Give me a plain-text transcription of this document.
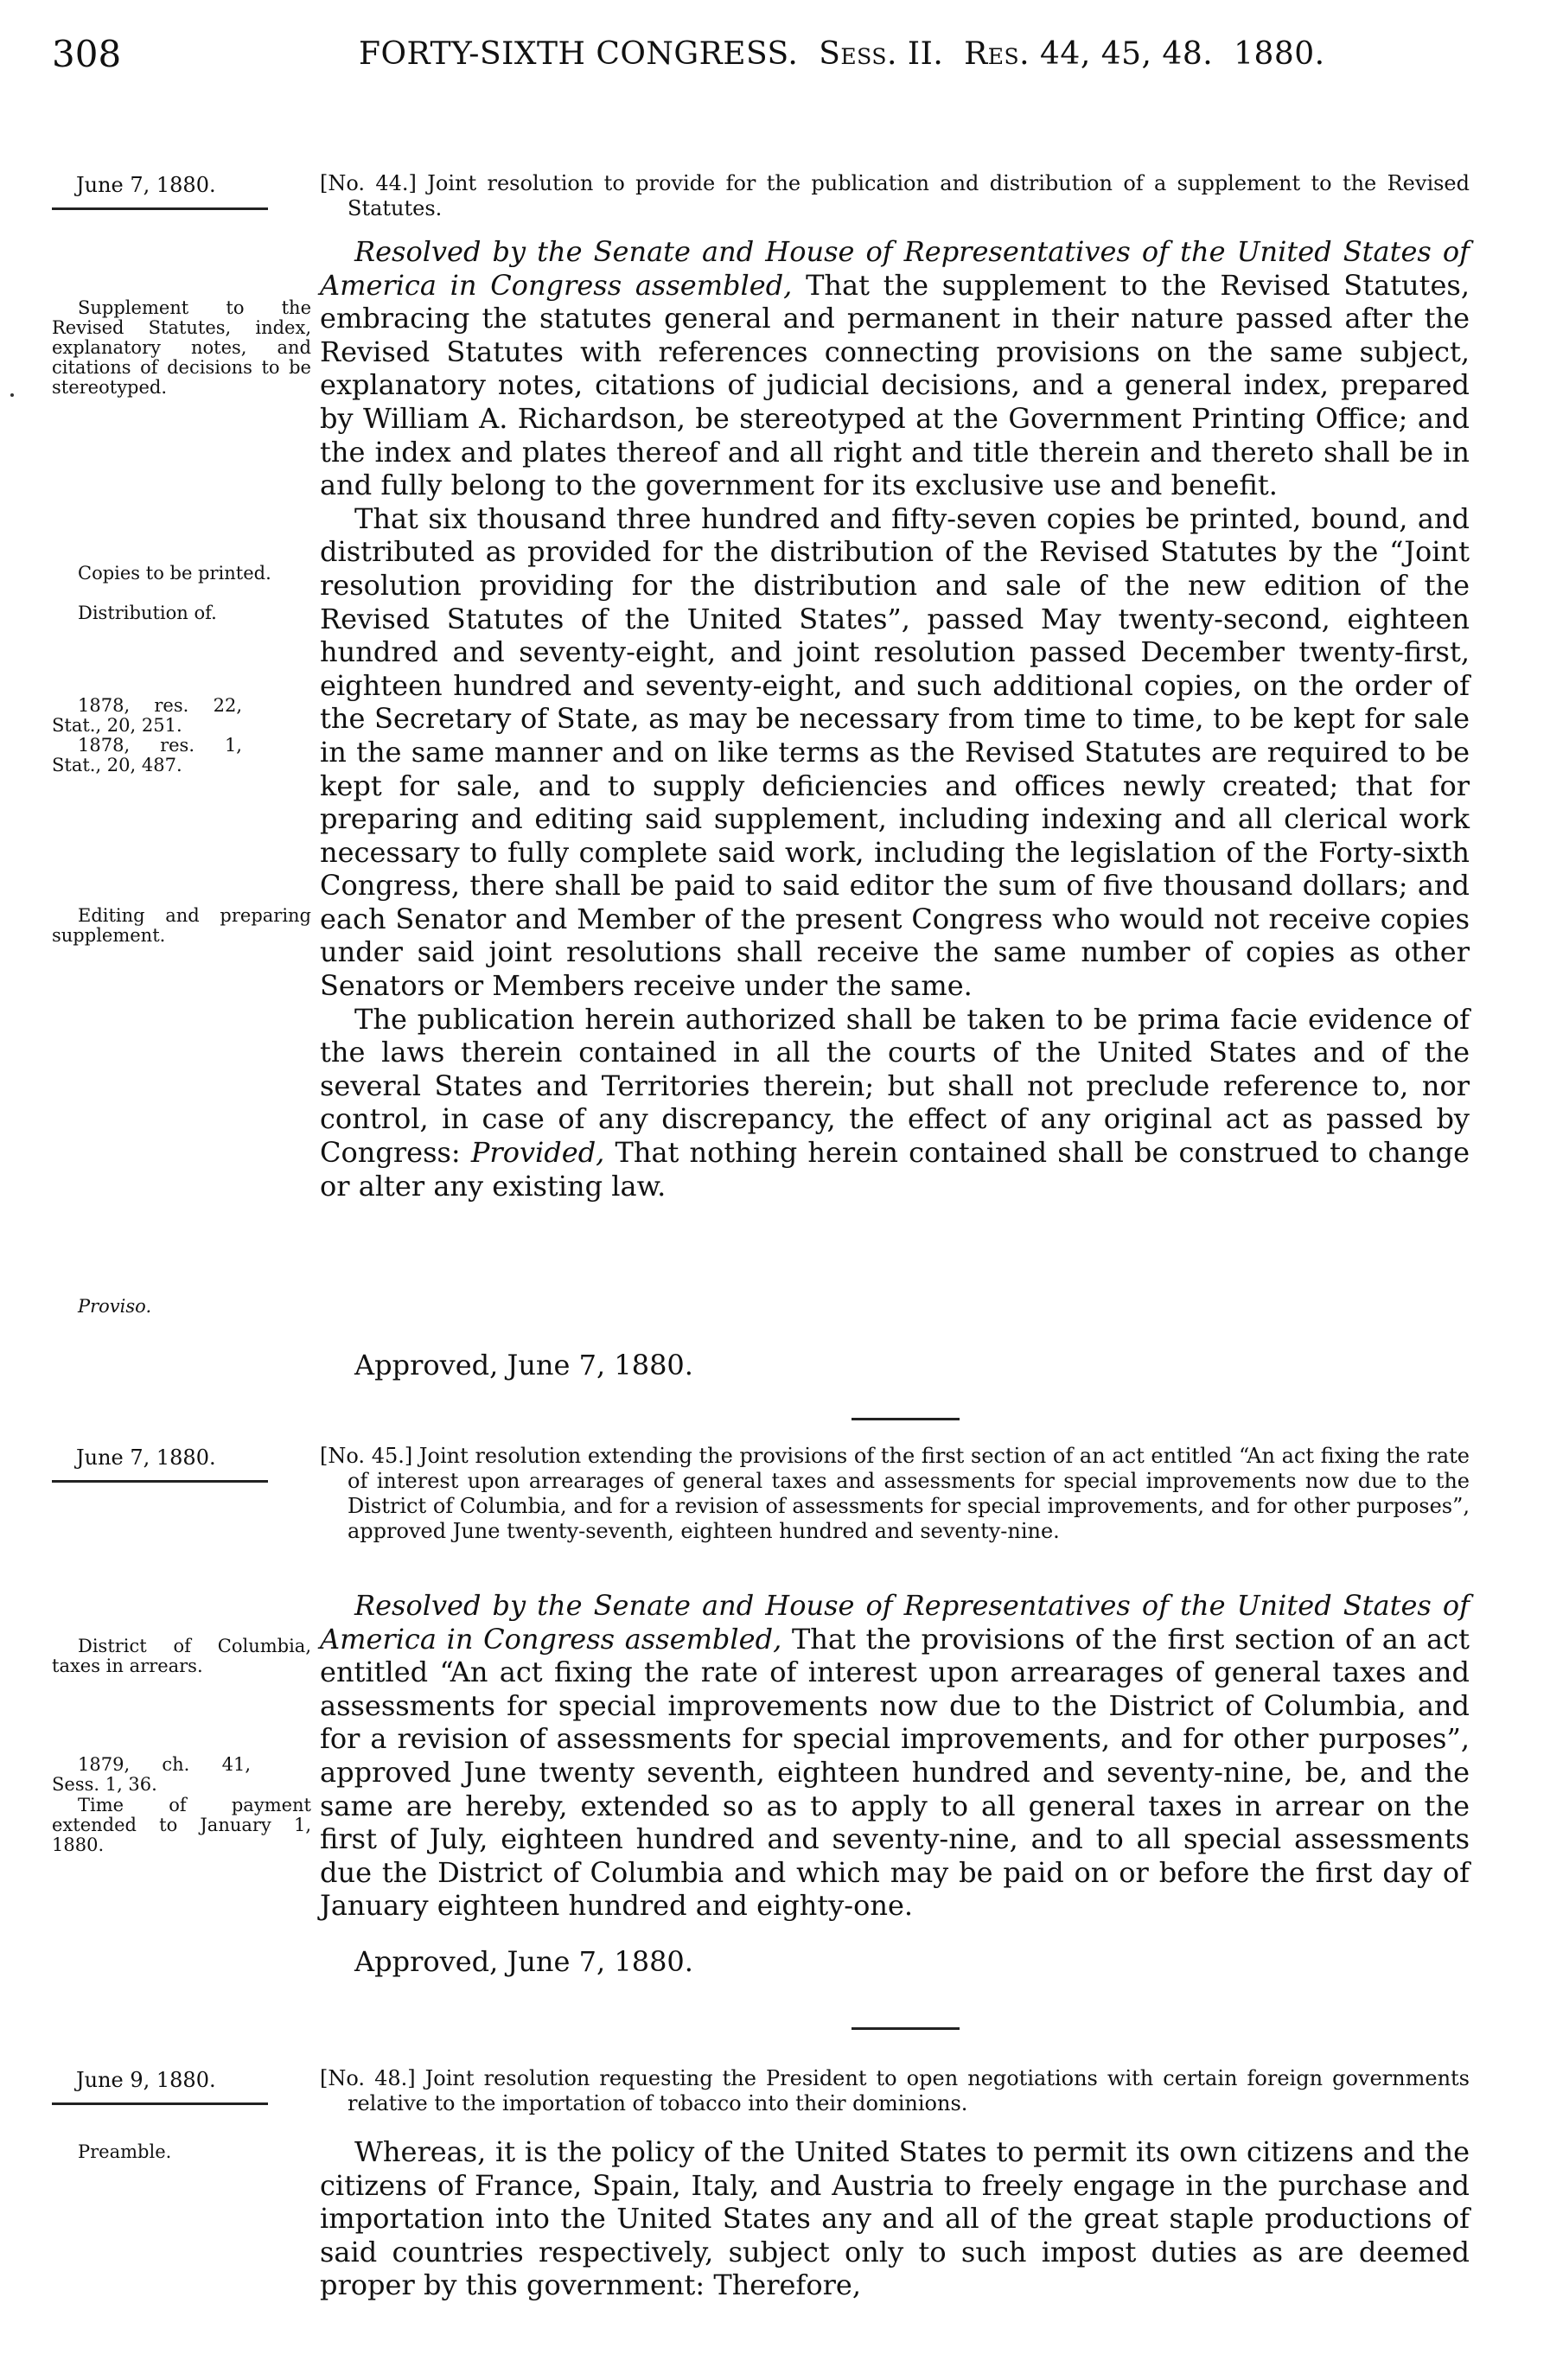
308	FORTY-SIXTH CONGRESS. Sess. II. Res. 44, 45, 48. 1880.
June 7, 1880.	[No. 44.] Joint resolution to provide for the publication and distribution of a supplement to the Revised Statutes.

Resolved by the Senate and House of Representatives of the United States of America in Congress assembled, That the supplement to the Revised Statutes, embracing the statutes general and permanent in their nature passed after the Revised Statutes with references connecting provisions on the same subject, explanatory notes, citations of judicial decisions, and a general index, prepared by William A. Richardson, be stereotyped at the Government Printing Office; and the index and plates thereof and all right and title therein and thereto shall be in and fully belong to the government for its exclusive use and benefit.

That six thousand three hundred and fifty-seven copies be printed, bound, and distributed as provided for the distribution of the Revised Statutes by the “Joint resolution providing for the distribution and sale of the new edition of the Revised Statutes of the United States”, passed May twenty-second, eighteen hundred and seventy-eight, and joint resolution passed December twenty-first, eighteen hundred and seventy-eight, and such additional copies, on the order of the Secretary of State, as may be necessary from time to time, to be kept for sale in the same manner and on like terms as the Revised Statutes are required to be kept for sale, and to supply deficiencies and offices newly created; that for preparing and editing said supplement, including indexing and all clerical work necessary to fully complete said work, including the legislation of the Forty-sixth Congress, there shall be paid to said editor the sum of five thousand dollars; and each Senator and Member of the present Congress who would not receive copies under said joint resolutions shall receive the same number of copies as other Senators or Members receive under the same.

The publication herein authorized shall be taken to be prima facie evidence of the laws therein contained in all the courts of the United States and of the several States and Territories therein; but shall not preclude reference to, nor control, in case of any discrepancy, the effect of any original act as passed by Congress: Provided, That nothing herein contained shall be construed to change or alter any existing law.

Approved, June 7, 1880.
Supplement to the Revised Statutes, index, explanatory notes, and citations of decisions to be stereotyped.
Copies to be printed.
Distribution of.
1878, res. 22, Stat., 20, 251.
1878, res. 1, Stat., 20, 487.
Editing and preparing supplement.
Proviso.
June 7, 1880.	[No. 45.] Joint resolution extending the provisions of the first section of an act entitled “An act fixing the rate of interest upon arrearages of general taxes and assessments for special improvements now due to the District of Columbia, and for a revision of assessments for special improvements, and for other purposes”, approved June twenty-seventh, eighteen hundred and seventy-nine.

Resolved by the Senate and House of Representatives of the United States of America in Congress assembled, That the provisions of the first section of an act entitled “An act fixing the rate of interest upon arrearages of general taxes and assessments for special improvements now due to the District of Columbia, and for a revision of assessments for special improvements, and for other purposes”, approved June twenty seventh, eighteen hundred and seventy-nine, be, and the same are hereby, extended so as to apply to all general taxes in arrear on the first of July, eighteen hundred and seventy-nine, and to all special assessments due the District of Columbia and which may be paid on or before the first day of January eighteen hundred and eighty-one.

Approved, June 7, 1880.
District of Columbia, taxes in arrears.
1879, ch. 41, Sess. 1, 36.
Time of payment extended to January 1, 1880.
June 9, 1880.	[No. 48.] Joint resolution requesting the President to open negotiations with certain foreign governments relative to the importation of tobacco into their dominions.

Whereas, it is the policy of the United States to permit its own citizens and the citizens of France, Spain, Italy, and Austria to freely engage in the purchase and importation into the United States any and all of the great staple productions of said countries respectively, subject only to such impost duties as are deemed proper by this government: Therefore,

Preamble.
